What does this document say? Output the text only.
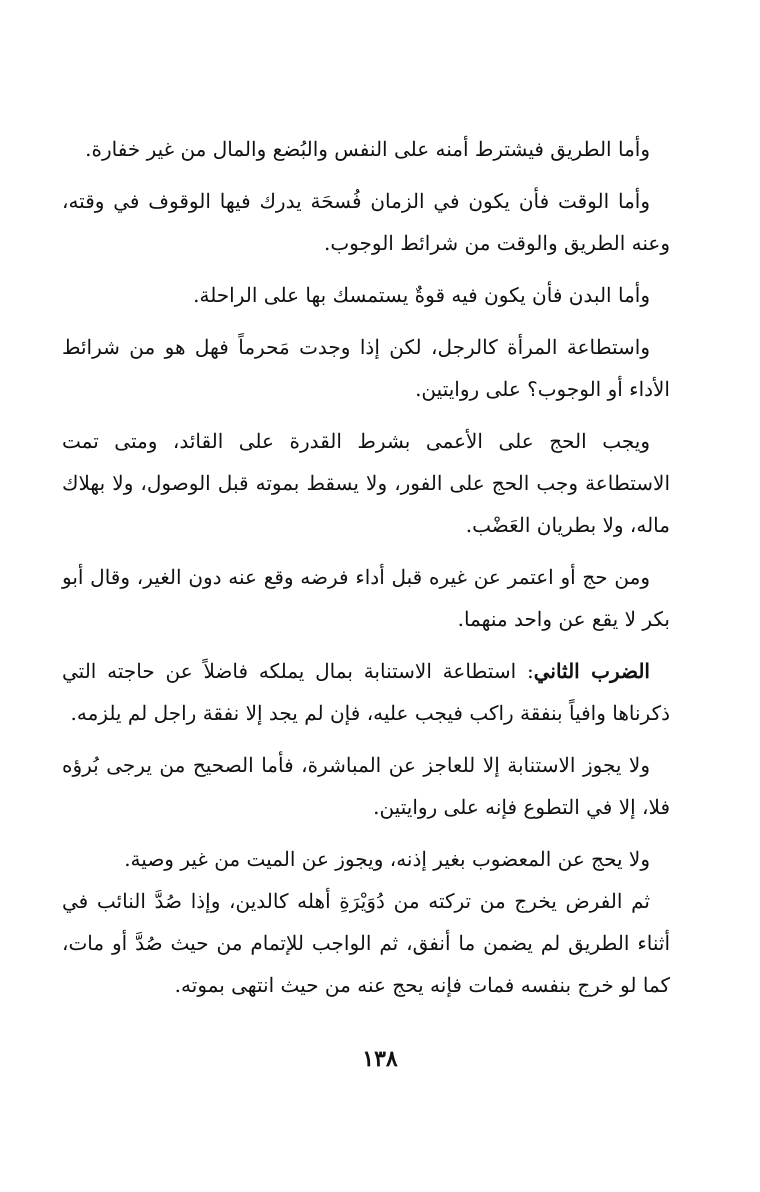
وأما الطريق فيشترط أمنه على النفس والبُضع والمال من غير خفارة.

وأما الوقت فأن يكون في الزمان فُسحَة يدرك فيها الوقوف في وقته، وعنه الطريق والوقت من شرائط الوجوب.

وأما البدن فأن يكون فيه قوةٌ يستمسك بها على الراحلة.

واستطاعة المرأة كالرجل، لكن إذا وجدت مَحرماً فهل هو من شرائط الأداء أو الوجوب؟ على روايتين.

ويجب الحج على الأعمى بشرط القدرة على القائد، ومتى تمت الاستطاعة وجب الحج على الفور، ولا يسقط بموته قبل الوصول، ولا بهلاك ماله، ولا بطريان العَضْب.

ومن حج أو اعتمر عن غيره قبل أداء فرضه وقع عنه دون الغير، وقال أبو بكر لا يقع عن واحد منهما.

الضرب الثاني: استطاعة الاستنابة بمال يملكه فاضلاً عن حاجته التي ذكرناها وافياً بنفقة راكب فيجب عليه، فإن لم يجد إلا نفقة راجل لم يلزمه.

ولا يجوز الاستنابة إلا للعاجز عن المباشرة، فأما الصحيح من يرجى بُرؤه فلا، إلا في التطوع فإنه على روايتين.

ولا يحج عن المعضوب بغير إذنه، ويجوز عن الميت من غير وصية.

ثم الفرض يخرج من تركته من دُوَيْرَةِ أهله كالدين، وإذا صُدَّ النائب في أثناء الطريق لم يضمن ما أنفق، ثم الواجب للإتمام من حيث صُدَّ أو مات، كما لو خرج بنفسه فمات فإنه يحج عنه من حيث انتهى بموته.

١٣٨
